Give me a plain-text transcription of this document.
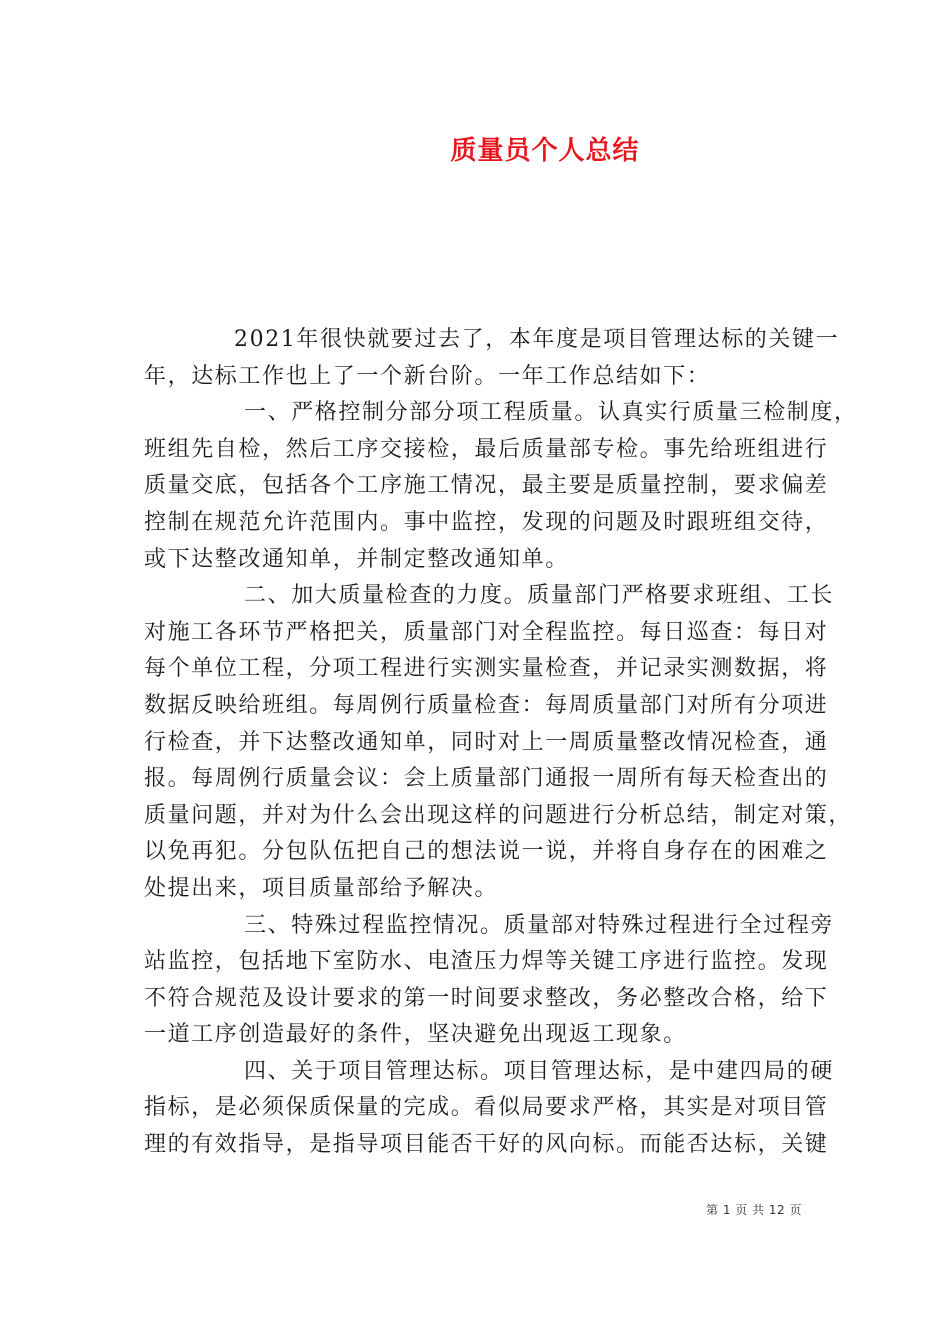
质量员个人总结
2021年很快就要过去了，本年度是项目管理达标的关键一
年，达标工作也上了一个新台阶。一年工作总结如下：
一、严格控制分部分项工程质量。认真实行质量三检制度，
班组先自检，然后工序交接检，最后质量部专检。事先给班组进行
质量交底，包括各个工序施工情况，最主要是质量控制，要求偏差
控制在规范允许范围内。事中监控，发现的问题及时跟班组交待，
或下达整改通知单，并制定整改通知单。
二、加大质量检查的力度。质量部门严格要求班组、工长
对施工各环节严格把关，质量部门对全程监控。每日巡查：每日对
每个单位工程，分项工程进行实测实量检查，并记录实测数据，将
数据反映给班组。每周例行质量检查：每周质量部门对所有分项进
行检查，并下达整改通知单，同时对上一周质量整改情况检查，通
报。每周例行质量会议：会上质量部门通报一周所有每天检查出的
质量问题，并对为什么会出现这样的问题进行分析总结，制定对策，
以免再犯。分包队伍把自己的想法说一说，并将自身存在的困难之
处提出来，项目质量部给予解决。
三、特殊过程监控情况。质量部对特殊过程进行全过程旁
站监控，包括地下室防水、电渣压力焊等关键工序进行监控。发现
不符合规范及设计要求的第一时间要求整改，务必整改合格，给下
一道工序创造最好的条件，坚决避免出现返工现象。
四、关于项目管理达标。项目管理达标，是中建四局的硬
指标，是必须保质保量的完成。看似局要求严格，其实是对项目管
理的有效指导，是指导项目能否干好的风向标。而能否达标，关键
第 1 页 共 12 页
